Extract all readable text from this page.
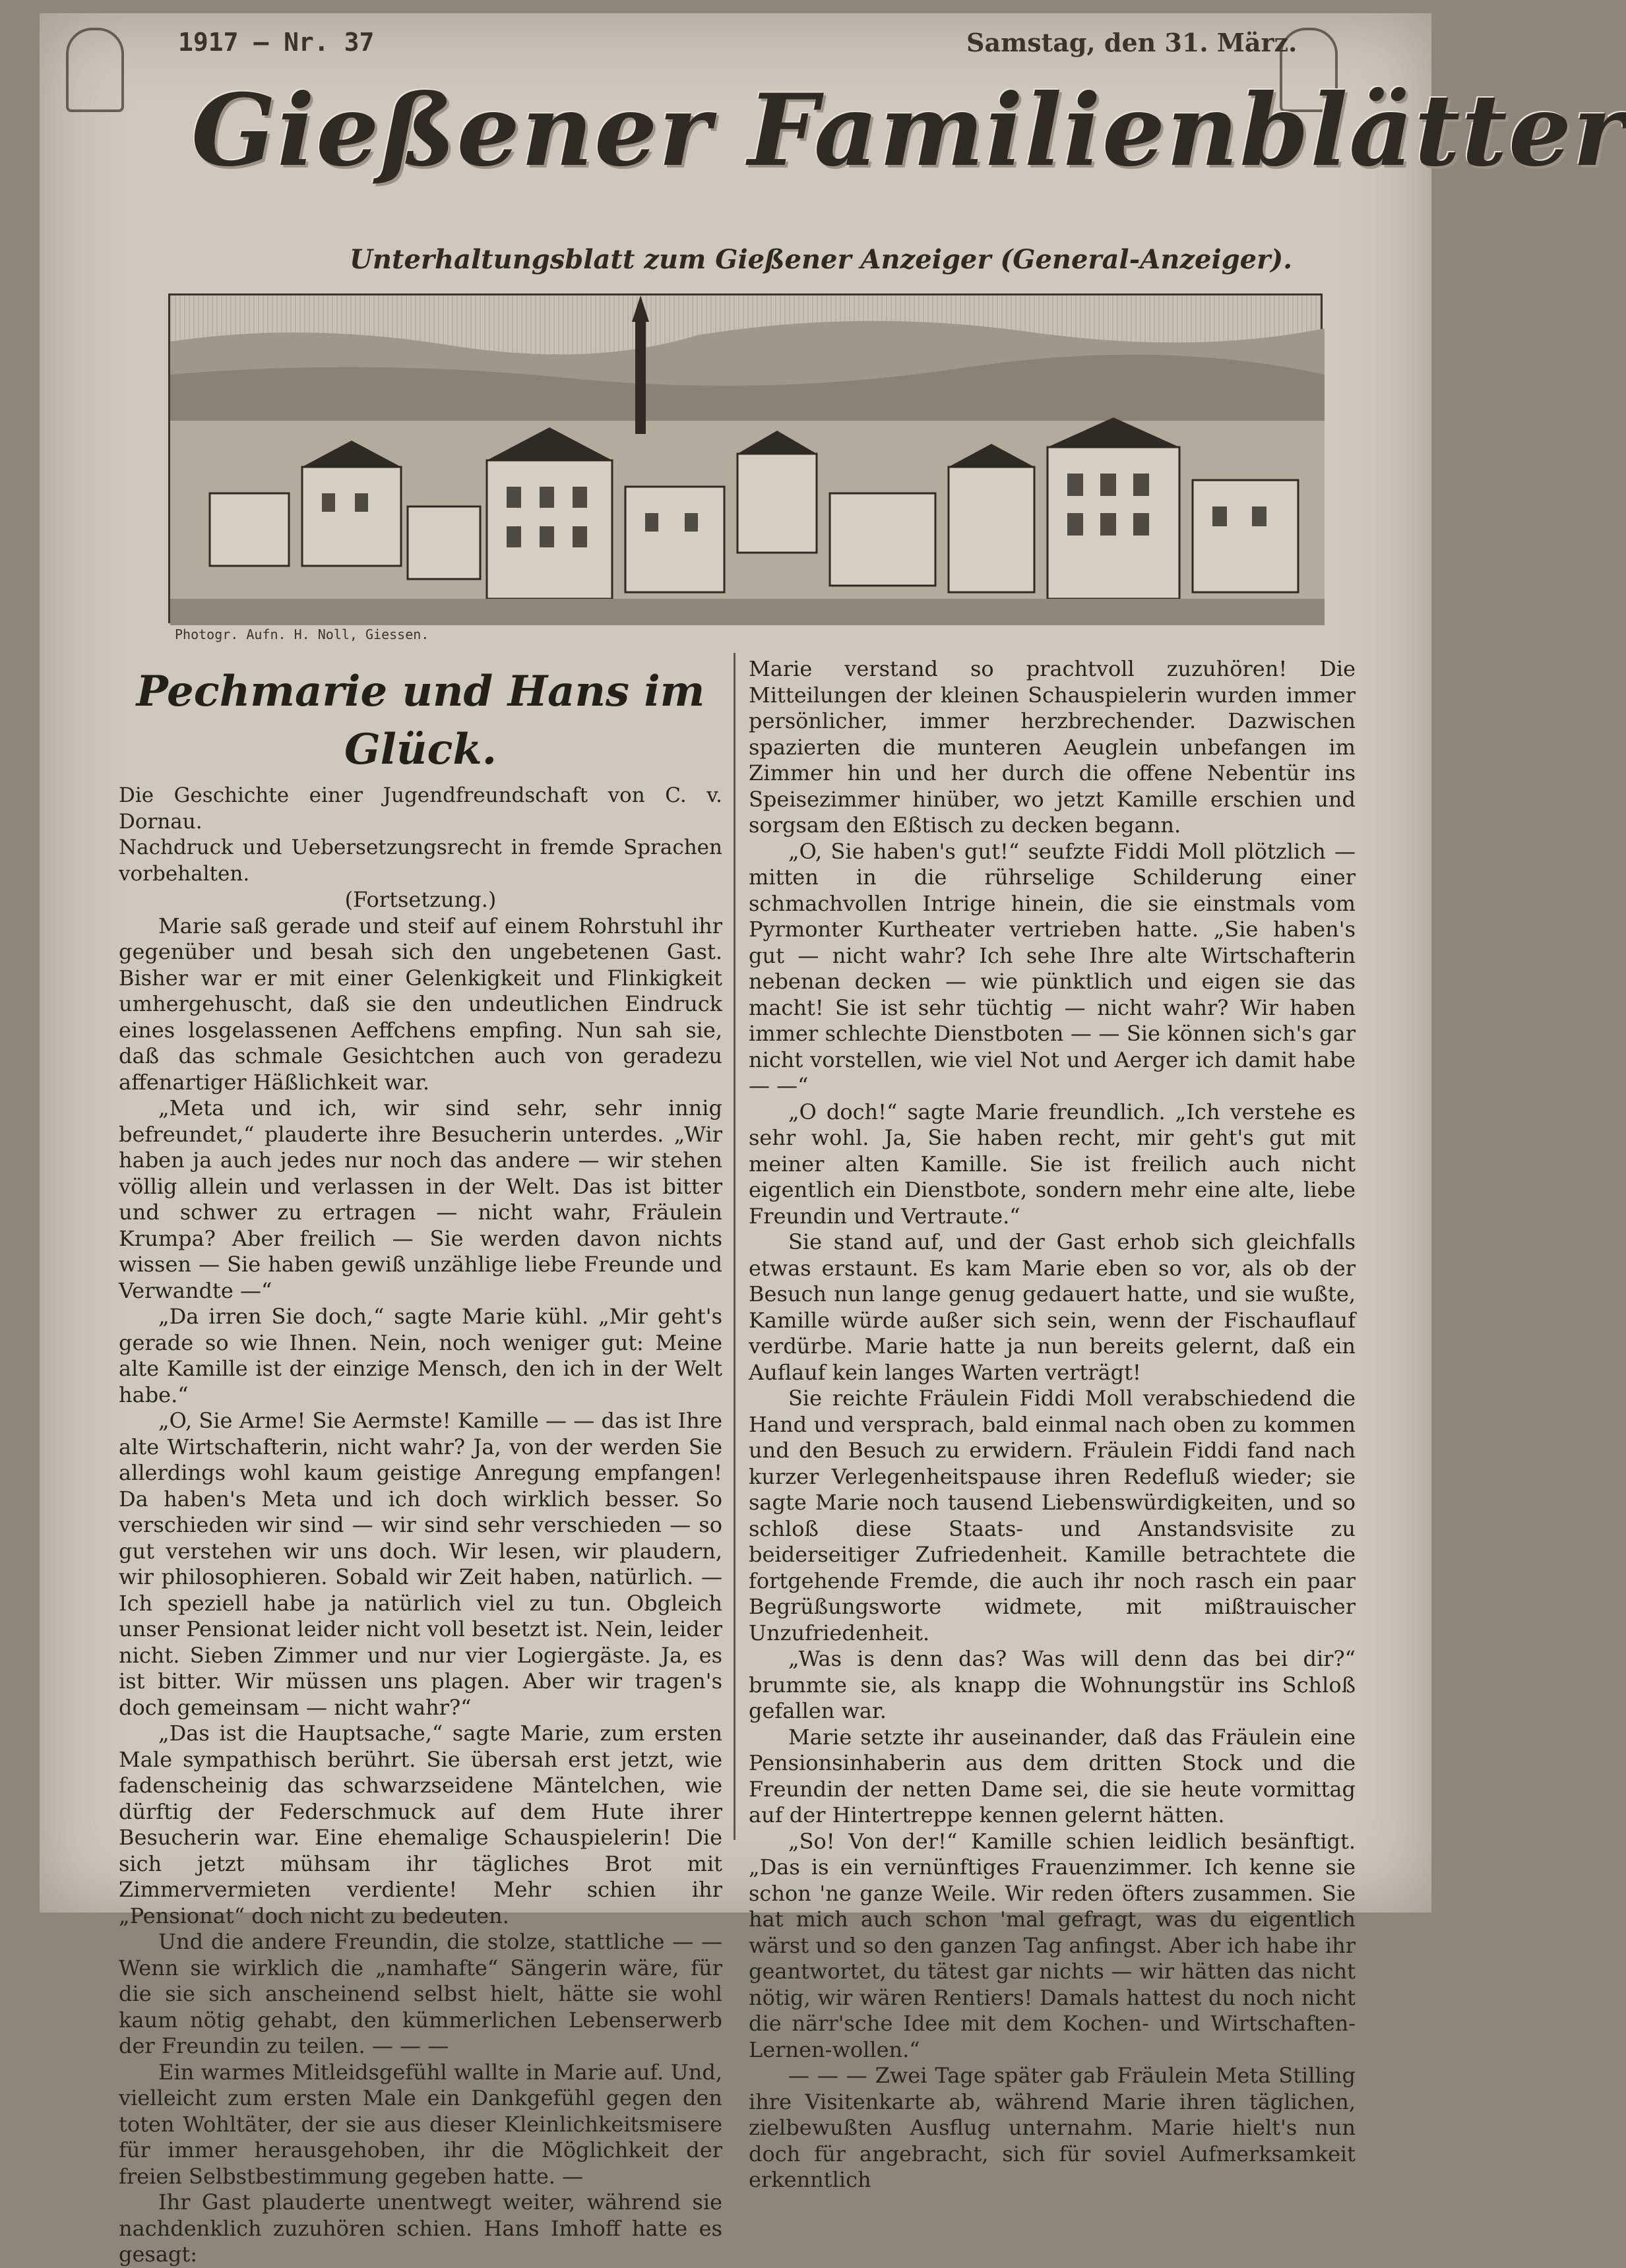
1917 — Nr. 37	Samstag, den 31. März.
Gießener Familienblätter
Unterhaltungsblatt zum Gießener Anzeiger (General-Anzeiger).
Photogr. Aufn. H. Noll, Giessen.
Pechmarie und Hans im Glück.

Die Geschichte einer Jugendfreundschaft von C. v. Dornau.

Nachdruck und Uebersetzungsrecht in fremde Sprachen vorbehalten.

(Fortsetzung.)

Marie saß gerade und steif auf einem Rohrstuhl ihr gegenüber und besah sich den ungebetenen Gast. Bisher war er mit einer Gelenkigkeit und Flinkigkeit umhergehuscht, daß sie den undeutlichen Eindruck eines losgelassenen Aeffchens empfing. Nun sah sie, daß das schmale Gesichtchen auch von geradezu affenartiger Häßlichkeit war.

„Meta und ich, wir sind sehr, sehr innig befreundet,“ plauderte ihre Besucherin unterdes. „Wir haben ja auch jedes nur noch das andere — wir stehen völlig allein und verlassen in der Welt. Das ist bitter und schwer zu ertragen — nicht wahr, Fräulein Krumpa? Aber freilich — Sie werden davon nichts wissen — Sie haben gewiß unzählige liebe Freunde und Verwandte —“

„Da irren Sie doch,“ sagte Marie kühl. „Mir geht's gerade so wie Ihnen. Nein, noch weniger gut: Meine alte Kamille ist der einzige Mensch, den ich in der Welt habe.“

„O, Sie Arme! Sie Aermste! Kamille — — das ist Ihre alte Wirtschafterin, nicht wahr? Ja, von der werden Sie allerdings wohl kaum geistige Anregung empfangen! Da haben's Meta und ich doch wirklich besser. So verschieden wir sind — wir sind sehr verschieden — so gut verstehen wir uns doch. Wir lesen, wir plaudern, wir philosophieren. Sobald wir Zeit haben, natürlich. — Ich speziell habe ja natürlich viel zu tun. Obgleich unser Pensionat leider nicht voll besetzt ist. Nein, leider nicht. Sieben Zimmer und nur vier Logiergäste. Ja, es ist bitter. Wir müssen uns plagen. Aber wir tragen's doch gemeinsam — nicht wahr?“

„Das ist die Hauptsache,“ sagte Marie, zum ersten Male sympathisch berührt. Sie übersah erst jetzt, wie fadenscheinig das schwarzseidene Mäntelchen, wie dürftig der Federschmuck auf dem Hute ihrer Besucherin war. Eine ehemalige Schauspielerin! Die sich jetzt mühsam ihr tägliches Brot mit Zimmervermieten verdiente! Mehr schien ihr „Pensionat“ doch nicht zu bedeuten.

Und die andere Freundin, die stolze, stattliche — — Wenn sie wirklich die „namhafte“ Sängerin wäre, für die sie sich anscheinend selbst hielt, hätte sie wohl kaum nötig gehabt, den kümmerlichen Lebenserwerb der Freundin zu teilen. — — —

Ein warmes Mitleidsgefühl wallte in Marie auf. Und, vielleicht zum ersten Male ein Dankgefühl gegen den toten Wohltäter, der sie aus dieser Kleinlichkeitsmisere für immer herausgehoben, ihr die Möglichkeit der freien Selbstbestimmung gegeben hatte. —

Ihr Gast plauderte unentwegt weiter, während sie nachdenklich zuzuhören schien. Hans Imhoff hatte es gesagt:

Marie verstand so prachtvoll zuzuhören! Die Mitteilungen der kleinen Schauspielerin wurden immer persönlicher, immer herzbrechender. Dazwischen spazierten die munteren Aeuglein unbefangen im Zimmer hin und her durch die offene Nebentür ins Speisezimmer hinüber, wo jetzt Kamille erschien und sorgsam den Eßtisch zu decken begann.

„O, Sie haben's gut!“ seufzte Fiddi Moll plötzlich — mitten in die rührselige Schilderung einer schmachvollen Intrige hinein, die sie einstmals vom Pyrmonter Kurtheater vertrieben hatte. „Sie haben's gut — nicht wahr? Ich sehe Ihre alte Wirtschafterin nebenan decken — wie pünktlich und eigen sie das macht! Sie ist sehr tüchtig — nicht wahr? Wir haben immer schlechte Dienstboten — — Sie können sich's gar nicht vorstellen, wie viel Not und Aerger ich damit habe — —“

„O doch!“ sagte Marie freundlich. „Ich verstehe es sehr wohl. Ja, Sie haben recht, mir geht's gut mit meiner alten Kamille. Sie ist freilich auch nicht eigentlich ein Dienstbote, sondern mehr eine alte, liebe Freundin und Vertraute.“

Sie stand auf, und der Gast erhob sich gleichfalls etwas erstaunt. Es kam Marie eben so vor, als ob der Besuch nun lange genug gedauert hatte, und sie wußte, Kamille würde außer sich sein, wenn der Fischauflauf verdürbe. Marie hatte ja nun bereits gelernt, daß ein Auflauf kein langes Warten verträgt!

Sie reichte Fräulein Fiddi Moll verabschiedend die Hand und versprach, bald einmal nach oben zu kommen und den Besuch zu erwidern. Fräulein Fiddi fand nach kurzer Verlegenheitspause ihren Redefluß wieder; sie sagte Marie noch tausend Liebenswürdigkeiten, und so schloß diese Staats- und Anstandsvisite zu beiderseitiger Zufriedenheit. Kamille betrachtete die fortgehende Fremde, die auch ihr noch rasch ein paar Begrüßungsworte widmete, mit mißtrauischer Unzufriedenheit.

„Was is denn das? Was will denn das bei dir?“ brummte sie, als knapp die Wohnungstür ins Schloß gefallen war.

Marie setzte ihr auseinander, daß das Fräulein eine Pensionsinhaberin aus dem dritten Stock und die Freundin der netten Dame sei, die sie heute vormittag auf der Hintertreppe kennen gelernt hätten.

„So! Von der!“ Kamille schien leidlich besänftigt. „Das is ein vernünftiges Frauenzimmer. Ich kenne sie schon 'ne ganze Weile. Wir reden öfters zusammen. Sie hat mich auch schon 'mal gefragt, was du eigentlich wärst und so den ganzen Tag anfingst. Aber ich habe ihr geantwortet, du tätest gar nichts — wir hätten das nicht nötig, wir wären Rentiers! Damals hattest du noch nicht die närr'sche Idee mit dem Kochen- und Wirtschaften-Lernen-wollen.“

— — — Zwei Tage später gab Fräulein Meta Stilling ihre Visitenkarte ab, während Marie ihren täglichen, zielbewußten Ausflug unternahm. Marie hielt's nun doch für angebracht, sich für soviel Aufmerksamkeit erkenntlich
